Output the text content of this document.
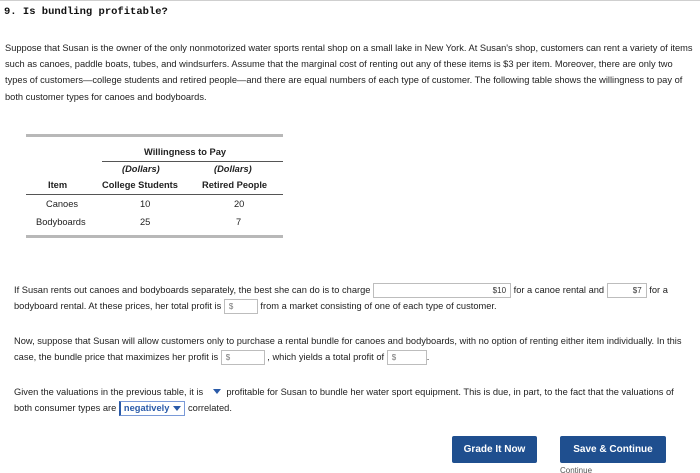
9. Is bundling profitable?
Suppose that Susan is the owner of the only nonmotorized water sports rental shop on a small lake in New York. At Susan's shop, customers can rent a variety of items such as canoes, paddle boats, tubes, and windsurfers. Assume that the marginal cost of renting out any of these items is $3 per item. Moreover, there are only two types of customers—college students and retired people—and there are equal numbers of each type of customer. The following table shows the willingness to pay of both customer types for canoes and bodyboards.
Willingness to Pay
(Dollars)	(Dollars)
Item	College Students	Retired People
Canoes	10	20
Bodyboards	25	7
If Susan rents out canoes and bodyboards separately, the best she can do is to charge	$10 for a canoe rental and	$7 for a bodyboard rental. At these prices, her total profit is $	from a market consisting of one of each type of customer.
Now, suppose that Susan will allow customers only to purchase a rental bundle for canoes and bodyboards, with no option of renting either item individually. In this case, the bundle price that maximizes her profit is $	, which yields a total profit of $	.
Given the valuations in the previous table, it is profitable for Susan to bundle her water sport equipment. This is due, in part, to the fact that the valuations of both consumer types are negatively correlated.
Grade It Now	Save & Continue
Continue
